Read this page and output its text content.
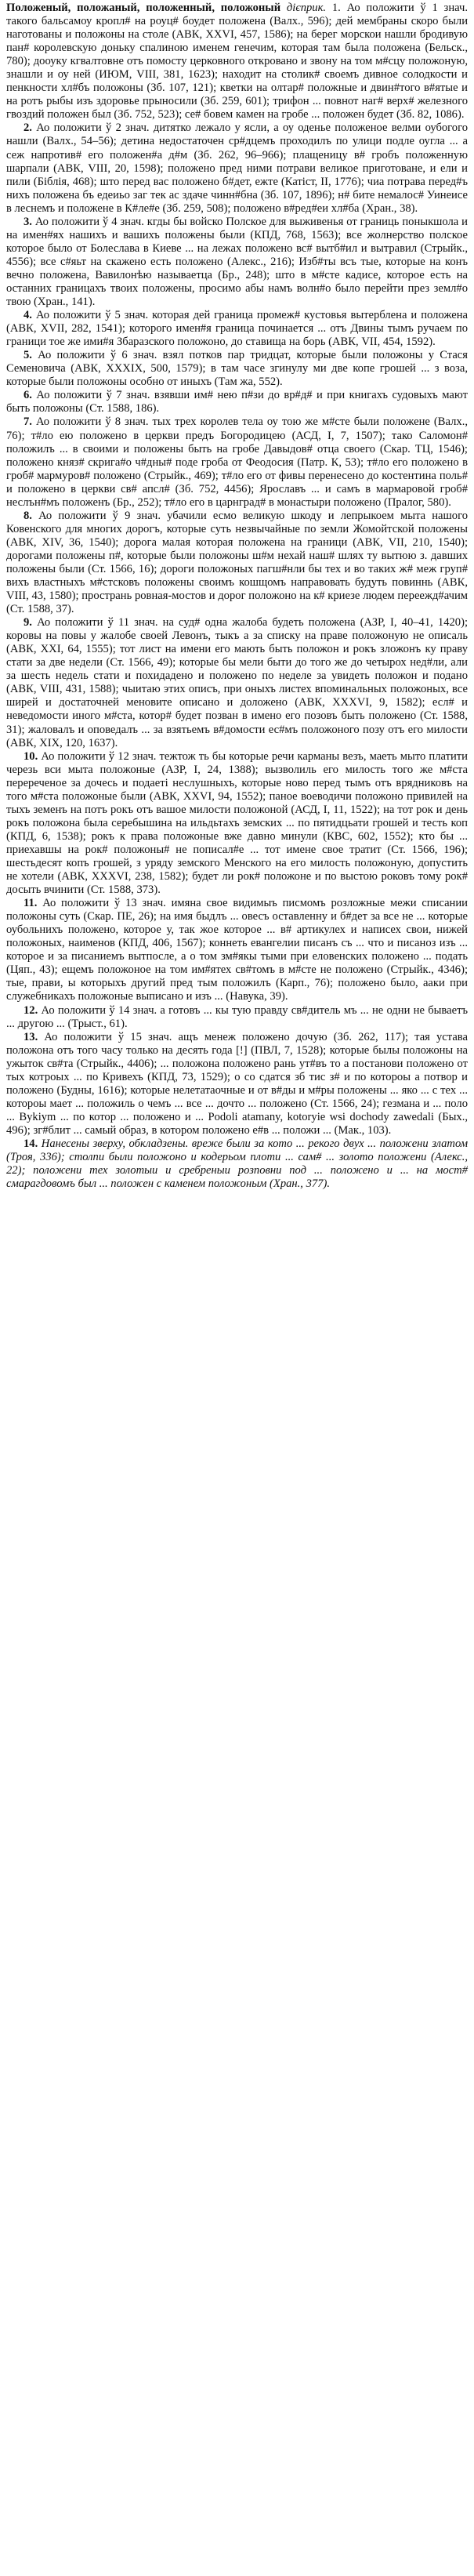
Положеный, положаный, положенный, положоный дієприк. 1. Ао положити ў 1 знач. такого бальсамоу кропл# на роуц# боудет положена (Валх., 596); дей мембраны скоро были наготованы и положоны на столе (АВК, XXVI, 457, 1586); на берег морскои нашли бродивую пан# королевскую доньку спалиною именем генечим, которая там была положена (Бельск., 780); дооуку кгвалтовне отъ помосту церковного откровано и звону на том м#сцу положоную, знашли и оу ней (ИЮМ, VIII, 381, 1623); находит на столик# своемъ дивное солодкости и пенкности хл#бъ положоны (Зб. 107, 121); кветки на олтар# положные и двин#того в#ятые и на ротъ рыбы изъ здоровье прыносили (Зб. 259, 601); трифон ... повнот наг# верх# железного гвоздий положен был (Зб. 752, 523); се# бовем камен на гробе ... положен будет (Зб. 82, 1086).

2. Ао положити ў 2 знач. дитятко лежало у ясли, а оу оденье положеное велми оубогого нашли (Валх., 54–56); детина недостаточен ср#дцемъ проходилъ по улици подле оугла ... а сеж напротив# его положен#а д#м (Зб. 262, 96–966); плащеницу в# гробъ положенную шарпали (АВК, VIII, 20, 1598); положено пред ними потрави великое приготоване, и ели и пили (Біблія, 468); што перед вас положено б#дет, ежте (Катіст, II, 1776); чиа потрава перед#ъ нихъ положена бъ едеиьо заг тек ас здаче чинн#бна (Зб. 107, 1896); н# бите немалос# Уинеисе в леснемъ и положене в К#ле#е (Зб. 259, 508); положено в#ред#еи хл#ба (Хран., 38).

3. Ао положити ў 4 знач. кгды бы войско Полское для выживенья от границь поныкшола и на имен#ях нашихъ и вашихъ положены были (КПД, 768, 1563); все жолнерство полское которое было от Болеслава в Киеве ... на лежах положено вс# вытб#ил и вытравил (Стрыйк., 4556); все с#яьт на скажено есть положено (Алекс., 216); Изб#ты всъ тые, которые на конъ вечно положена, Вавилонѣю называетца (Бр., 248); што в м#сте кадисе, которое есть на останних границахъ твоих положены, просимо абы намъ волн#о было перейти през земл#о твою (Хран., 141).

4. Ао положити ў 5 знач. которая дей граница промеж# кустовья вытербленa и положена (АВК, XVII, 282, 1541); которого имен#я граница починается ... отъ Двины тымъ ручаем по граници тое же ими#я Збаразского положоно, до ставища на борь (АВК, VII, 454, 1592).

5. Ао положити ў 6 знач. взял потков пар тридцат, которые были положоны у Стася Семеновича (АВК, XXXIX, 500, 1579); в там часе згинулу ми две копе грошей ... з воза, которые были положоны особно от иныхъ (Там жа, 552).

6. Ао положити ў 7 знач. взявши им# нею п#зи до вр#д# и при книгахъ судовыхъ мают быть положоны (Ст. 1588, 186).

7. Ао положити ў 8 знач. тых трех королев тела оу тою же м#сте были положене (Валх., 76); т#ло ею положено в церкви предъ Богородицею (АСД, I, 7, 1507); тако Саломон# положилъ ... в своими и положены быть на гробе Давыдов# отца своего (Скар. ТЦ, 1546); положено княз# скрига#о ч#дны# поде гроба от Феодосия (Патр. К, 53); т#ло его положено в гроб# мармуров# положено (Стрыйк., 469); т#ло его от фивы перенесено до костентина поль# и положено в церкви св# апсл# (Зб. 752, 4456); Ярославъ ... и самъ в мармаровой гроб# неслън#мъ положенъ (Бр., 252); т#ло его в царнград# в монастыри положено (Пралог, 580).

8. Ао положити ў 9 знач. убачили есмо великую шкоду и лепрыкоем мыта нашого Ковенского для многих дорогъ, которые суть незвычайные по земли Жомойтской положены (АВК, XIV, 36, 1540); дорога малая которая положена на граници (АВК, VII, 210, 1540); дорогами положены п#, которые были положоны ш#м нехай наш# шлях ту вытюю з. давших положены были (Ст. 1566, 16); дороги положоных пагш#нли бы тех и во таких ж# меж груп# вихъ властныхъ м#стсковъ положены своимъ кошщомъ направовать будуть повиннь (АВК, VIII, 43, 1580); пространь ровная-мостов и дорог положоно на к# криезе людем переежд#ачим (Ст. 1588, 37).

9. Ао положити ў 11 знач. на суд# одна жалоба будеть положена (АЗР, I, 40–41, 1420); коровы на повы у жалобе своей Левонъ, тыкъ а за списку на праве положоную не описаль (АВК, XXI, 64, 1555); тот лист на имени его мають быть положон и рокъ зложонъ ку праву стати за две недели (Ст. 1566, 49); которые бы мели быти до того же до четырох нед#ли, али за шесть недель стати и похидадено и положено по неделе за увидеть положон и подано (АВК, VIII, 431, 1588); чыитаю этих описъ, при оныхъ листех впоминальных положоных, все ширей и достаточней меновите описано и доложено (АВК, XXXVI, 9, 1582); есл# и неведомости иного м#ста, котор# будет позван в имено его позовъ быть положено (Ст. 1588, 31); жаловалъ и оповедалъ ... за взятьемъ в#домости ес#мъ положоного позу отъ его милости (АВК, XIX, 120, 1637).

10. Ао положити ў 12 знач. тежтож ть бы которые речи карманы везъ, маеть мыто платити черезь вси мыта положоные (АЗР, I, 24, 1388); вызволиль его милость того же м#ста перереченое за дочесь и подаeтi неслушныхъ, которые ново перед тымъ отъ врядниковъ на того м#ста положоные были (АВК, XXVI, 94, 1552); паное воеводичи положоно привилей на тыхъ земенъ на потъ рокъ отъ вашое милости положоной (АСД, I, 11, 1522); на тот рок и день рокъ положона была серебышина на ильдьтахъ земских ... по пятидцьати грошей и тесть коп (КПД, 6, 1538); рокъ к права положоные вже давно минули (КВС, 602, 1552); кто бы ... приехавшы на рок# положоны# не пописал#е ... тот имене свое тратит (Ст. 1566, 196); шестьдесят копъ грошей, з уряду земского Менского на его милость положоную, допустить не хотели (АВК, XXXVI, 238, 1582); будет ли рок# положоне и по выстою роковъ тому рок# досыть вчинити (Ст. 1588, 373).

11. Ао положити ў 13 знач. имяна свое видимыъ писмомъ розложные межи списании положоны суть (Скар. ПЕ, 26); на имя быдлъ ... овесъ оставленну и б#дет за все не ... которые оубольнихъ положено, которое у, так жое которое ... в# артикулех и написех свои, нижей положоных, наименов (КПД, 406, 1567); коннеть евангелии писанъ съ ... что и писаноз изъ ... которое и за писаниемъ вытпосле, а о том зм#якы тыми при еловенских положено ... подать (Цяп., 43); ещемъ положоное на том им#ятех св#томъ в м#сте не положено (Стрыйк., 4346); тые, прави, ы которыхъ другий пред тым положилъ (Карп., 76); положено было, ааки при служебникахъ положоные выписано и изъ ... (Навука, 39).

12. Ао положити ў 14 знач. а готовъ ... кы тую правду св#дитель мъ ... не одни не бываетъ ... другою ... (Трыст., 61).

13. Ао положити ў 15 знач. ащъ менеж положено дочую (Зб. 262, 117); тая устава положона отъ того часу только на десять года [!] (ПВЛ, 7, 1528); которые былы положоны на ужыток св#та (Стрыйк., 4406); ... положона положено рань ут#въ то а постанови положено от тых котроых ... по Кривехъ (КПД, 73, 1529); о со сдатся зб тис з# и по котороы а потвор и положено (Будны, 1616); которые нелетатаочные и от в#ды и м#ры положены ... яко ... с тех ... котороы мает ... положиль о чемъ ... все ... дочто ... положено (Ст. 1566, 24); гезмана и ... поло ... Bykiym ... по котор ... положено и ... Podoli atamany, kotoryie wsi dochody zawedali (Бых., 496); зг#блит ... самый образ, в котором положено е#в ... положи ... (Мак., 103).

14. Нанесены зверху, обкладзены. вреже были за кото ... рекого двух ... положени златом (Троя, 336); столпи были положоно и кодерьом плоти ... сам# ... золото положени (Алекс., 22); положени тех золотыи и сребреныи розповни под ... положено и ... на мост# смарагдовомъ был ... положен с каменем положоным (Хран., 377).
